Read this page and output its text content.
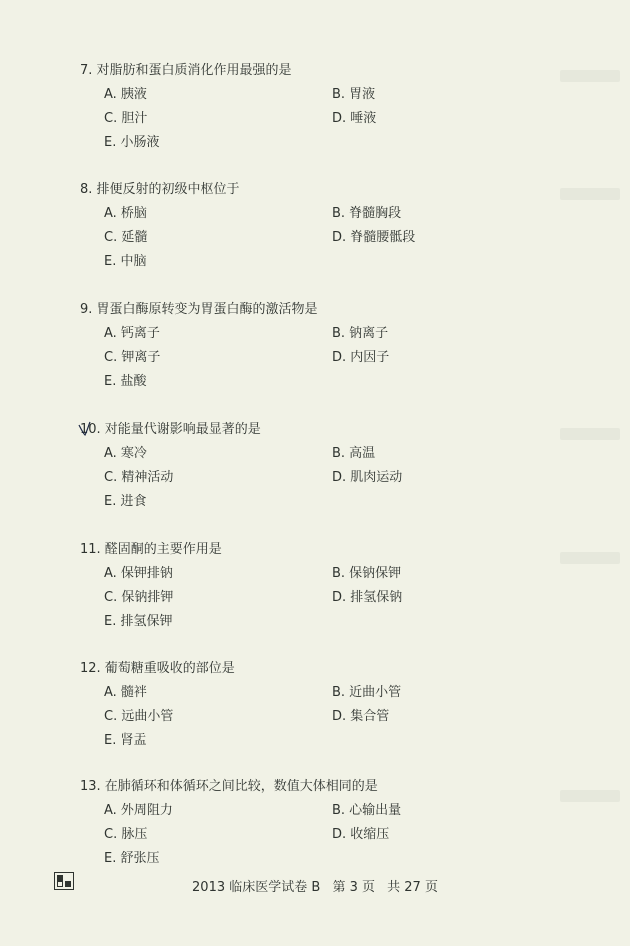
7. 对脂肪和蛋白质消化作用最强的是
A. 胰液	B. 胃液
C. 胆汁	D. 唾液
E. 小肠液
8. 排便反射的初级中枢位于
A. 桥脑	B. 脊髓胸段
C. 延髓	D. 脊髓腰骶段
E. 中脑
9. 胃蛋白酶原转变为胃蛋白酶的激活物是
A. 钙离子	B. 钠离子
C. 钾离子	D. 内因子
E. 盐酸
10. 对能量代谢影响最显著的是
A. 寒冷	B. 高温
C. 精神活动	D. 肌肉运动
E. 进食
11. 醛固酮的主要作用是
A. 保钾排钠	B. 保钠保钾
C. 保钠排钾	D. 排氢保钠
E. 排氢保钾
12. 葡萄糖重吸收的部位是
A. 髓袢	B. 近曲小管
C. 远曲小管	D. 集合管
E. 肾盂
13. 在肺循环和体循环之间比较，数值大体相同的是
A. 外周阻力	B. 心输出量
C. 脉压	D. 收缩压
E. 舒张压
2013 临床医学试卷 B 第 3 页 共 27 页
